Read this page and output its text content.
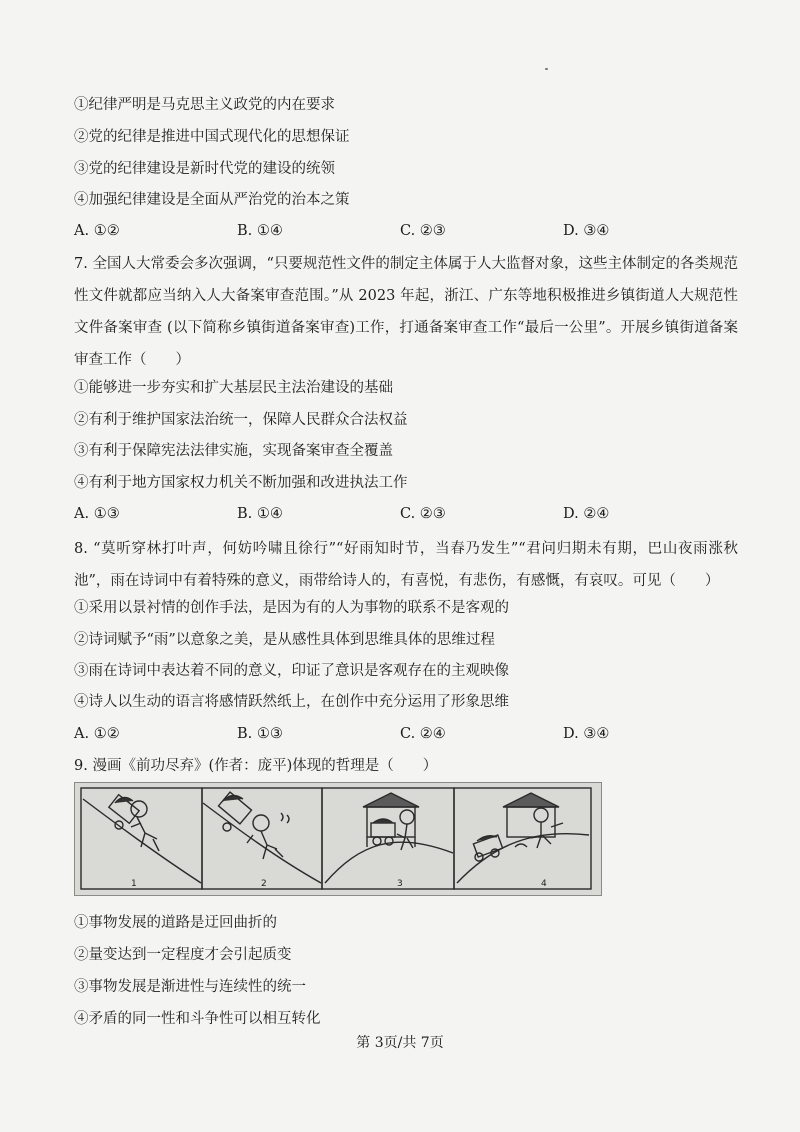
①纪律严明是马克思主义政党的内在要求
②党的纪律是推进中国式现代化的思想保证
③党的纪律建设是新时代党的建设的统领
④加强纪律建设是全面从严治党的治本之策
A. ①②	B. ①④	C. ②③	D. ③④
7. 全国人大常委会多次强调，“只要规范性文件的制定主体属于人大监督对象，这些主体制定的各类规范性文件就都应当纳入人大备案审查范围。”从 2023 年起，浙江、广东等地积极推进乡镇街道人大规范性文件备案审查 (以下简称乡镇街道备案审查)工作，打通备案审查工作“最后一公里”。开展乡镇街道备案审查工作（　　）
①能够进一步夯实和扩大基层民主法治建设的基础
②有利于维护国家法治统一，保障人民群众合法权益
③有利于保障宪法法律实施，实现备案审查全覆盖
④有利于地方国家权力机关不断加强和改进执法工作
A. ①③	B. ①④	C. ②③	D. ②④
8. “莫听穿林打叶声，何妨吟啸且徐行”“好雨知时节，当春乃发生”“君问归期未有期，巴山夜雨涨秋池”，雨在诗词中有着特殊的意义，雨带给诗人的，有喜悦，有悲伤，有感慨，有哀叹。可见（　　）
①采用以景衬情的创作手法，是因为有的人为事物的联系不是客观的
②诗词赋予“雨”以意象之美，是从感性具体到思维具体的思维过程
③雨在诗词中表达着不同的意义，印证了意识是客观存在的主观映像
④诗人以生动的语言将感情跃然纸上，在创作中充分运用了形象思维
A. ①②	B. ①③	C. ②④	D. ③④
9. 漫画《前功尽弃》(作者：庞平)体现的哲理是（　　）
1	2	3	4
①事物发展的道路是迂回曲折的
②量变达到一定程度才会引起质变
③事物发展是渐进性与连续性的统一
④矛盾的同一性和斗争性可以相互转化
第 3页/共 7页
